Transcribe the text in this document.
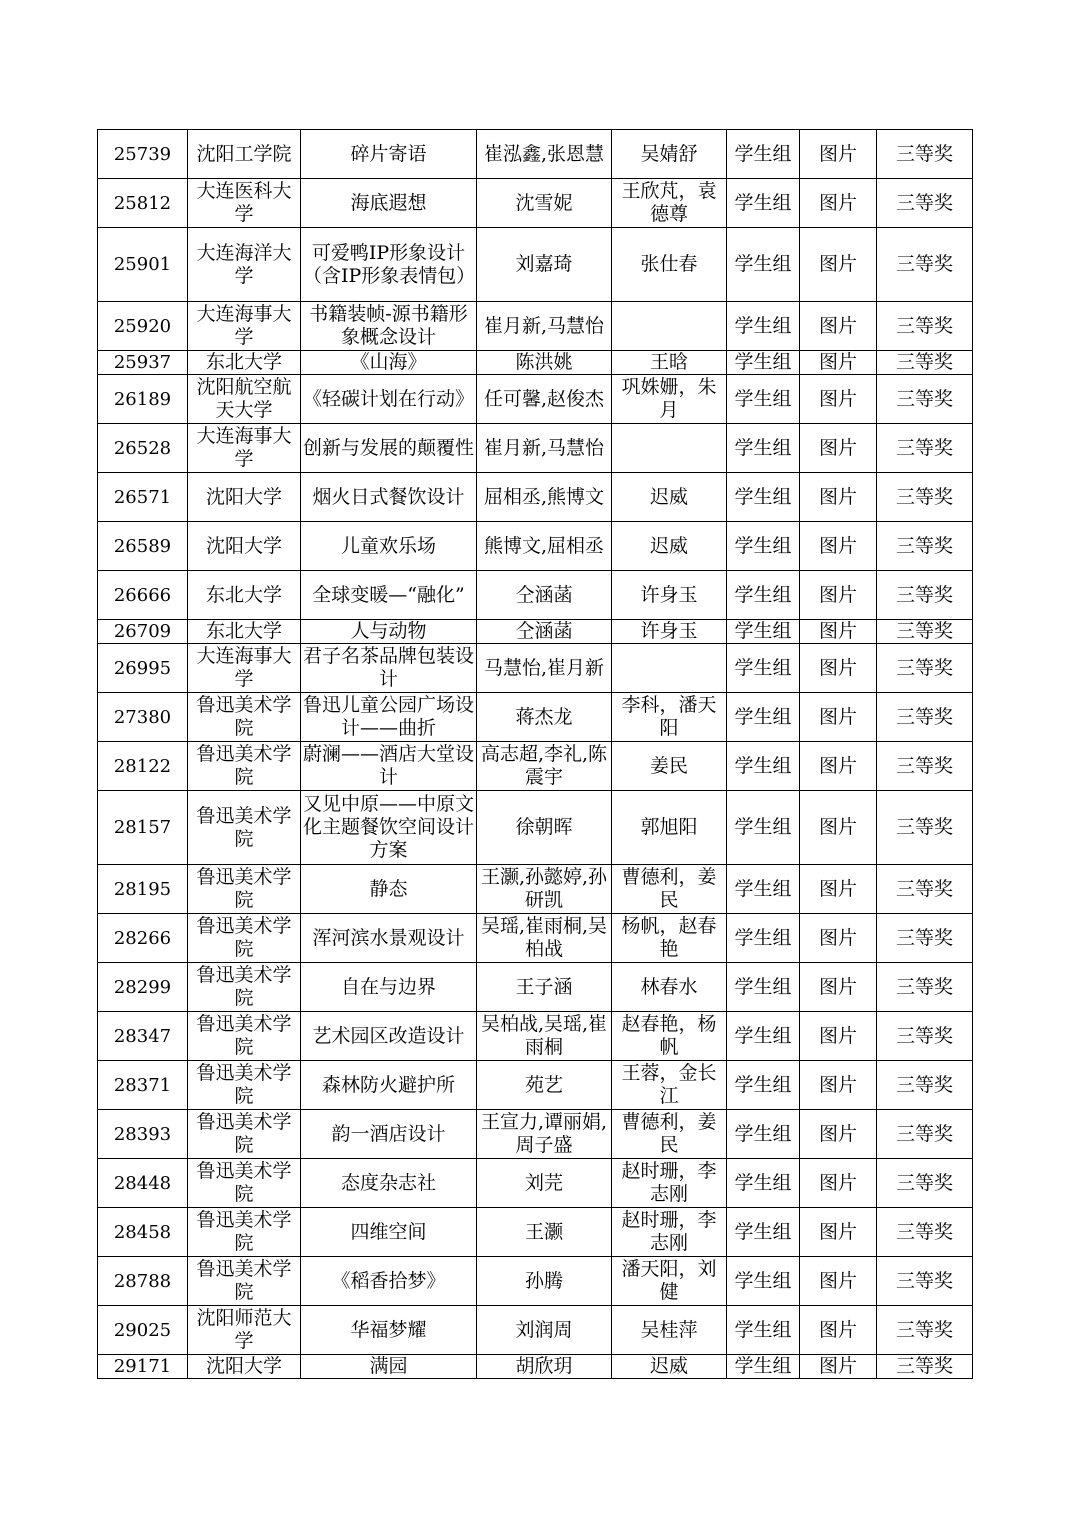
25739	沈阳工学院	碎片寄语	崔泓鑫,张恩慧	吴婧舒	学生组	图片	三等奖
25812	大连医科大学	海底遐想	沈雪妮	王欣芃，袁德尊	学生组	图片	三等奖
25901	大连海洋大学	可爱鸭IP形象设计（含IP形象表情包）	刘嘉琦	张仕春	学生组	图片	三等奖
25920	大连海事大学	书籍装帧-源书籍形象概念设计	崔月新,马慧怡		学生组	图片	三等奖
25937	东北大学	《山海》	陈洪姚	王晗	学生组	图片	三等奖
26189	沈阳航空航天大学	《轻碳计划在行动》	任可馨,赵俊杰	巩姝姗，朱月	学生组	图片	三等奖
26528	大连海事大学	创新与发展的颠覆性	崔月新,马慧怡		学生组	图片	三等奖
26571	沈阳大学	烟火日式餐饮设计	屈相丞,熊博文	迟威	学生组	图片	三等奖
26589	沈阳大学	儿童欢乐场	熊博文,屈相丞	迟威	学生组	图片	三等奖
26666	东北大学	全球变暖—“融化”	仝涵菡	许身玉	学生组	图片	三等奖
26709	东北大学	人与动物	仝涵菡	许身玉	学生组	图片	三等奖
26995	大连海事大学	君子名茶品牌包装设计	马慧怡,崔月新		学生组	图片	三等奖
27380	鲁迅美术学院	鲁迅儿童公园广场设计——曲折	蒋杰龙	李科，潘天阳	学生组	图片	三等奖
28122	鲁迅美术学院	蔚澜——酒店大堂设计	高志超,李礼,陈震宇	姜民	学生组	图片	三等奖
28157	鲁迅美术学院	又见中原——中原文化主题餐饮空间设计方案	徐朝晖	郭旭阳	学生组	图片	三等奖
28195	鲁迅美术学院	静态	王灏,孙懿婷,孙研凯	曹德利，姜民	学生组	图片	三等奖
28266	鲁迅美术学院	浑河滨水景观设计	吴瑶,崔雨桐,吴柏战	杨帆，赵春艳	学生组	图片	三等奖
28299	鲁迅美术学院	自在与边界	王子涵	林春水	学生组	图片	三等奖
28347	鲁迅美术学院	艺术园区改造设计	吴柏战,吴瑶,崔雨桐	赵春艳，杨帆	学生组	图片	三等奖
28371	鲁迅美术学院	森林防火避护所	苑艺	王蓉，金长江	学生组	图片	三等奖
28393	鲁迅美术学院	韵一酒店设计	王宣力,谭丽娟,周子盛	曹德利，姜民	学生组	图片	三等奖
28448	鲁迅美术学院	态度杂志社	刘芫	赵时珊，李志刚	学生组	图片	三等奖
28458	鲁迅美术学院	四维空间	王灏	赵时珊，李志刚	学生组	图片	三等奖
28788	鲁迅美术学院	《稻香拾梦》	孙腾	潘天阳，刘健	学生组	图片	三等奖
29025	沈阳师范大学	华福梦耀	刘润周	吴桂萍	学生组	图片	三等奖
29171	沈阳大学	满园	胡欣玥	迟威	学生组	图片	三等奖
